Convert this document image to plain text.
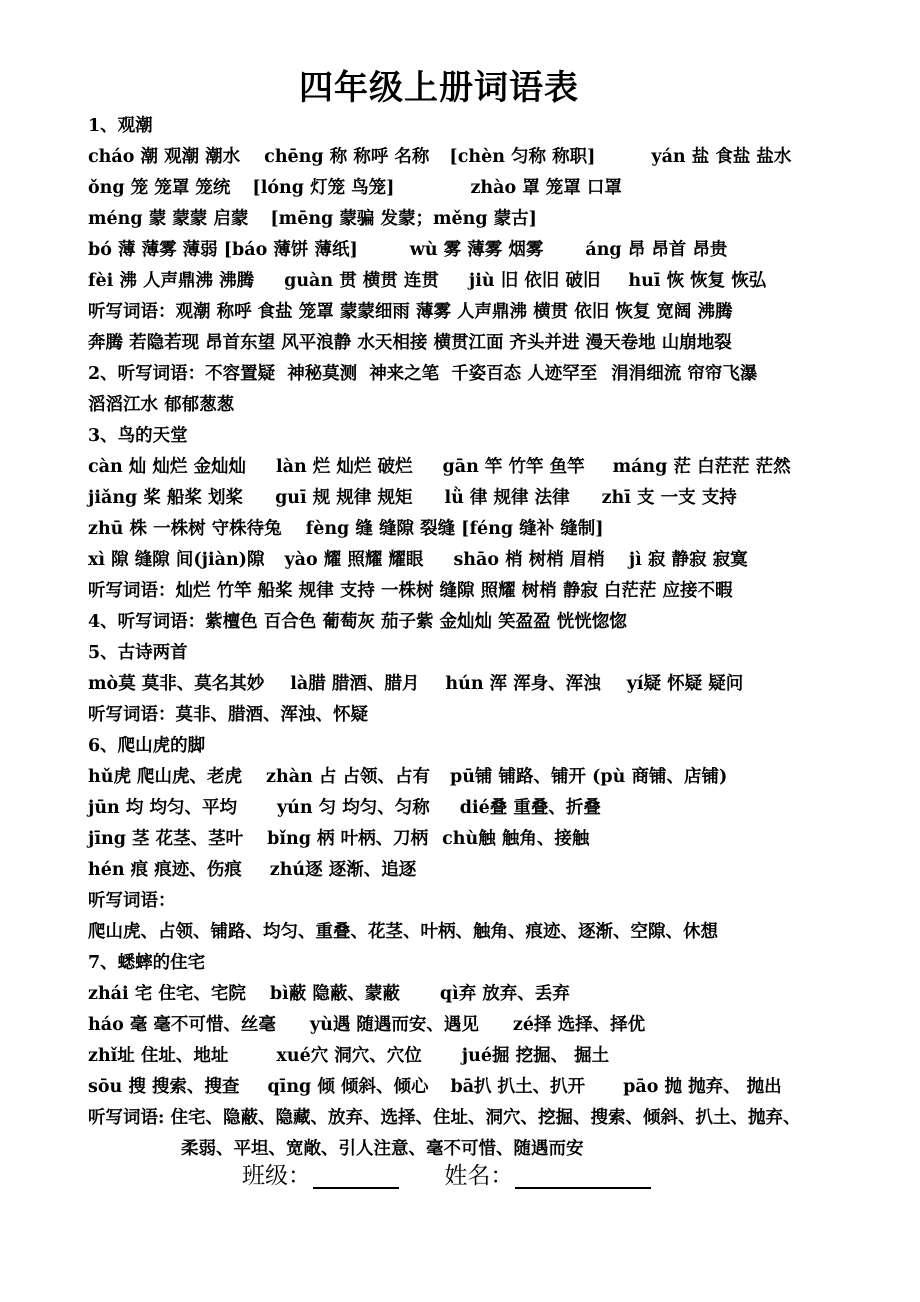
四年级上册词语表
1、观潮
cháo 潮 观潮 潮水 chēng 称 称呼 名称 [chèn 匀称 称职]	yán 盐 食盐 盐水
ǒng 笼 笼罩 笼统 [lóng 灯笼 鸟笼]	zhào 罩 笼罩 口罩
méng 蒙 蒙蒙 启蒙 [mēng 蒙骗 发蒙；měng 蒙古]
bó 薄 薄雾 薄弱 [báo 薄饼 薄纸]	wù 雾 薄雾 烟雾 áng 昂 昂首 昂贵
fèi 沸 人声鼎沸 沸腾 guàn 贯 横贯 连贯 jiù 旧 依旧 破旧 huī 恢 恢复 恢弘
听写词语：观潮 称呼 食盐 笼罩 蒙蒙细雨 薄雾 人声鼎沸 横贯 依旧 恢复 宽阔 沸腾
奔腾 若隐若现 昂首东望 风平浪静 水天相接 横贯江面 齐头并进 漫天卷地 山崩地裂
2、听写词语：不容置疑 神秘莫测 神来之笔 千姿百态 人迹罕至 涓涓细流 帘帘飞瀑
滔滔江水 郁郁葱葱
3、鸟的天堂
càn 灿 灿烂 金灿灿 làn 烂 灿烂 破烂 gān 竿 竹竿 鱼竿 máng 茫 白茫茫 茫然
jiǎng 桨 船桨 划桨 guī 规 规律 规矩 lǜ 律 规律 法律 zhī 支 一支 支持
zhū 株 一株树 守株待兔 fèng 缝 缝隙 裂缝 [féng 缝补 缝制]
xì 隙 缝隙 间(jiàn)隙 yào 耀 照耀 耀眼 shāo 梢 树梢 眉梢 jì 寂 静寂 寂寞
听写词语：灿烂 竹竿 船桨 规律 支持 一株树 缝隙 照耀 树梢 静寂 白茫茫 应接不暇
4、听写词语：紫檀色 百合色 葡萄灰 茄子紫 金灿灿 笑盈盈 恍恍惚惚
5、古诗两首
mò莫 莫非、莫名其妙 là腊 腊酒、腊月 hún 浑 浑身、浑浊 yí疑 怀疑 疑问
听写词语：莫非、腊酒、浑浊、怀疑
6、爬山虎的脚
hǔ虎 爬山虎、老虎 zhàn 占 占领、占有 pū铺 铺路、铺开 (pù 商铺、店铺)
jūn 均 均匀、平均 yún 匀 均匀、匀称 dié叠 重叠、折叠
jīng 茎 花茎、茎叶 bǐng 柄 叶柄、刀柄 chù触 触角、接触
hén 痕 痕迹、伤痕 zhú逐 逐渐、追逐
听写词语：
爬山虎、占领、铺路、均匀、重叠、花茎、叶柄、触角、痕迹、逐渐、空隙、休想
7、蟋蟀的住宅
zhái 宅 住宅、宅院 bì蔽 隐蔽、蒙蔽 qì弃 放弃、丢弃
háo 毫 毫不可惜、丝毫 yù遇 随遇而安、遇见 zé择 选择、择优
zhǐ址 住址、地址	xué穴 洞穴、穴位 jué掘 挖掘、 掘土
sōu 搜 搜索、搜查 qīng 倾 倾斜、倾心 bā扒 扒土、扒开 pāo 抛 抛弃、 抛出
听写词语: 住宅、隐蔽、隐藏、放弃、选择、住址、洞穴、挖掘、搜索、倾斜、扒土、抛弃、
柔弱、平坦、宽敞、引人注意、毫不可惜、随遇而安
班级：	姓名：
